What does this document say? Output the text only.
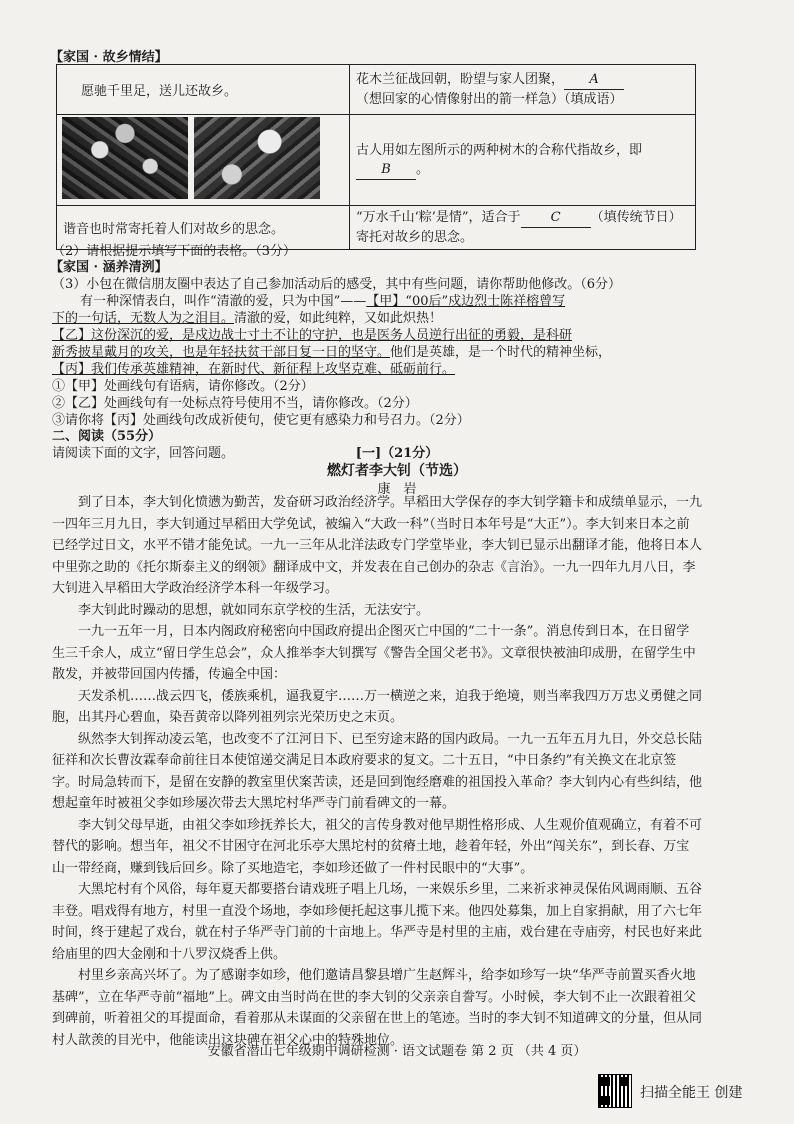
【家国 · 故乡情结】
愿驰千里足，送儿还故乡。	花木兰征战回朝，盼望与家人团聚， A
（想回家的心情像射出的箭一样急）（填成语）
	古人用如左图所示的两种树木的合称代指故乡，即B 。
谐音也时常寄托着人们对故乡的思念。	“万水千山‘粽’是情”，适合于 C （填传统节日）寄托对故乡的思念。
（2）请根据提示填写下面的表格。（3分）
【家国 · 涵养清洌】
（3）小包在微信朋友圈中表达了自己参加活动后的感受，其中有些问题，请你帮助他修改。（6分）
有一种深情表白，叫作“清澈的爱，只为中国”——【甲】“00后”戍边烈士陈祥榕曾写
下的一句话，无数人为之泪目。清澈的爱，如此纯粹，又如此炽热！
【乙】这份深沉的爱，是戍边战士寸土不让的守护，也是医务人员逆行出征的勇毅，是科研
新秀披星戴月的攻关，也是年轻扶贫干部日复一日的坚守。他们是英雄，是一个时代的精神坐标，
【丙】我们传承英雄精神，在新时代、新征程上攻坚克难、砥砺前行。
①【甲】处画线句有语病，请你修改。（2分）
②【乙】处画线句有一处标点符号使用不当，请你修改。（2分）
③请你将【丙】处画线句改成祈使句，使它更有感染力和号召力。（2分）
二、阅读（55分）
请阅读下面的文字，回答问题。	[一]（21分）
燃灯者李大钊（节选）
康　岩

到了日本，李大钊化愤懑为勤苦，发奋研习政治经济学。早稻田大学保存的李大钊学籍卡和成绩单显示，一九一四年三月九日，李大钊通过早稻田大学免试，被编入“大政一科”（当时日本年号是“大正”）。李大钊来日本之前已经学过日文，水平不错才能免试。一九一三年从北洋法政专门学堂毕业，李大钊已显示出翻译才能，他将日本人中里弥之助的《托尔斯泰主义的纲领》翻译成中文，并发表在自己创办的杂志《言治》。一九一四年九月八日，李大钊进入早稻田大学政治经济学本科一年级学习。

李大钊此时躁动的思想，就如同东京学校的生活，无法安宁。

一九一五年一月，日本内阁政府秘密向中国政府提出企图灭亡中国的“二十一条”。消息传到日本，在日留学生三千余人，成立“留日学生总会”，众人推举李大钊撰写《警告全国父老书》。文章很快被油印成册，在留学生中散发，并被带回国内传播，传遍全中国：

天发杀机……战云四飞，倭族乘机，逼我夏宇……万一横逆之来，迫我于绝境，则当率我四万万忠义勇健之同胞，出其丹心碧血，染吾黄帝以降列祖列宗光荣历史之末页。

纵然李大钊挥动凌云笔，也改变不了江河日下、已至穷途末路的国内政局。一九一五年五月九日，外交总长陆征祥和次长曹汝霖奉命前往日本使馆递交满足日本政府要求的复文。二十五日，“中日条约”有关换文在北京签字。时局急转而下，是留在安静的教室里伏案苦读，还是回到饱经磨难的祖国投入革命？李大钊内心有些纠结，他想起童年时被祖父李如珍屡次带去大黑坨村华严寺门前看碑文的一幕。

李大钊父母早逝，由祖父李如珍抚养长大，祖父的言传身教对他早期性格形成、人生观价值观确立，有着不可替代的影响。想当年，祖父不甘困守在河北乐亭大黑坨村的贫瘠土地，趁着年轻，外出“闯关东”，到长春、万宝山一带经商，赚到钱后回乡。除了买地造宅，李如珍还做了一件村民眼中的“大事”。

大黑坨村有个风俗，每年夏天都要搭台请戏班子唱上几场，一来娱乐乡里，二来祈求神灵保佑风调雨顺、五谷丰登。唱戏得有地方，村里一直没个场地，李如珍便托起这事儿揽下来。他四处募集，加上自家捐献，用了六七年时间，终于建起了戏台，就在村子华严寺门前的十亩地上。华严寺是村里的主庙，戏台建在寺庙旁，村民也好来此给庙里的四大金刚和十八罗汉烧香上供。

村里乡亲高兴坏了。为了感谢李如珍，他们邀请昌黎县增广生赵辉斗，给李如珍写一块“华严寺前置买香火地基碑”，立在华严寺前“福地”上。碑文由当时尚在世的李大钊的父亲亲自誊写。小时候，李大钊不止一次跟着祖父到碑前，听着祖父的耳提面命，看着那从未谋面的父亲留在世上的笔迹。当时的李大钊不知道碑文的分量，但从同村人歆羡的目光中，他能读出这块碑在祖父心中的特殊地位。

安徽省潜山七年级期中调研检测 · 语文试题卷 第 2 页 （共 4 页）
扫描全能王 创建
